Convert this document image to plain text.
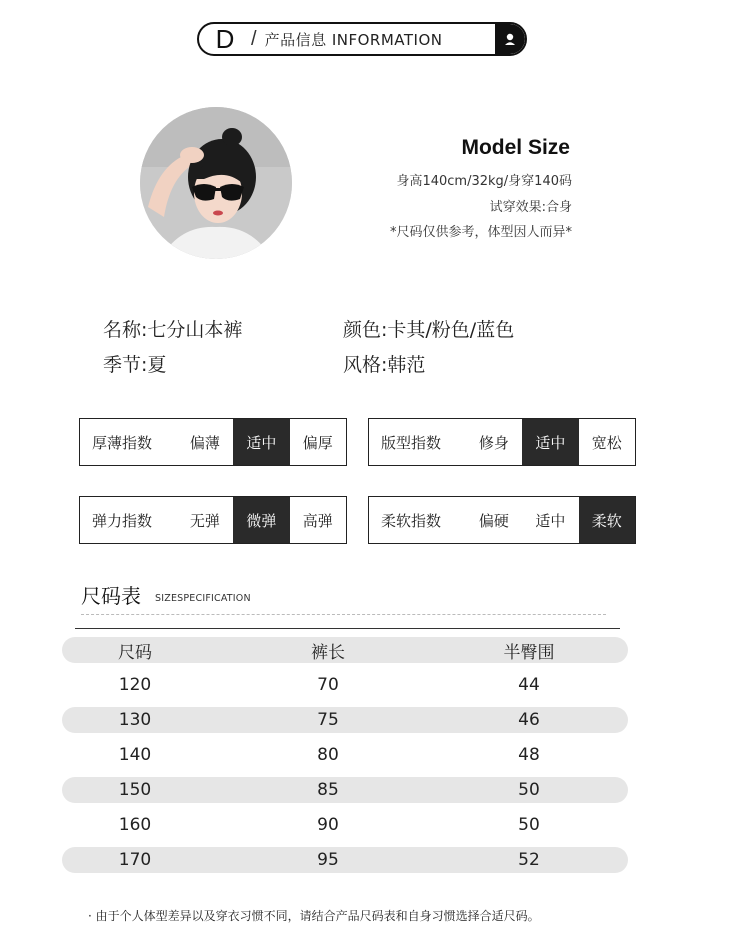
D / 产品信息 INFORMATION
Model Size
身高140cm/32kg/身穿140码
试穿效果:合身
*尺码仅供参考，体型因人而异*
名称:七分山本裤	颜色:卡其/粉色/蓝色
季节:夏	风格:韩范
厚薄指数	偏薄	适中	偏厚	版型指数	修身	适中	宽松
弹力指数	无弹	微弹	高弹	柔软指数	偏硬	适中	柔软
尺码表 SIZESPECIFICATION
尺码	裤长	半臀围
120	70	44
130	75	46
140	80	48
150	85	50
160	90	50
170	95	52
· 由于个人体型差异以及穿衣习惯不同，请结合产品尺码表和自身习惯选择合适尺码。
